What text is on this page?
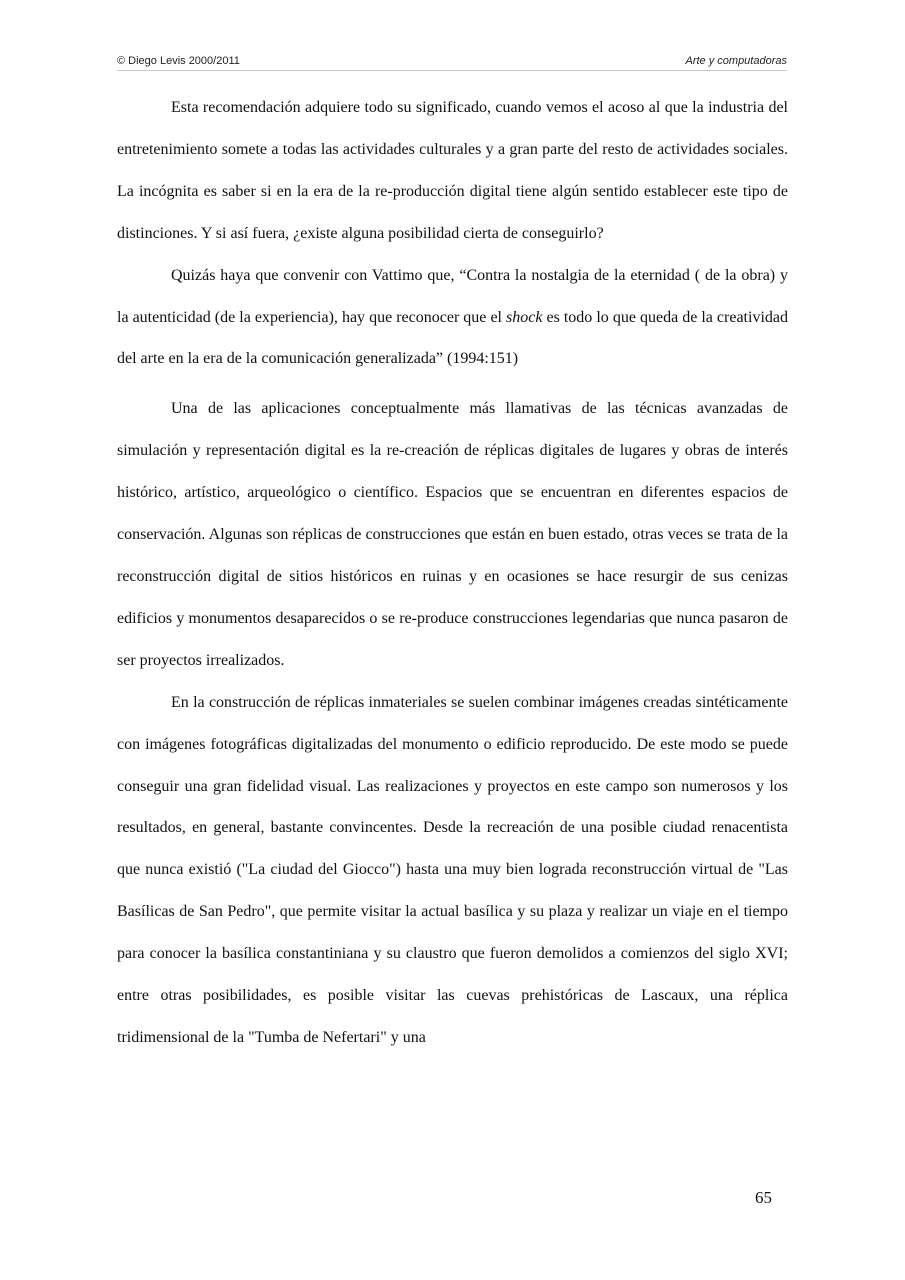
© Diego Levis 2000/2011	Arte y computadoras

Esta recomendación adquiere todo su significado, cuando vemos el acoso al que la industria del entretenimiento somete a todas las actividades culturales y a gran parte del resto de actividades sociales. La incógnita es saber si en la era de la re-producción digital tiene algún sentido establecer este tipo de distinciones. Y si así fuera, ¿existe alguna posibilidad cierta de conseguirlo?

Quizás haya que convenir con Vattimo que, “Contra la nostalgia de la eternidad ( de la obra) y la autenticidad (de la experiencia), hay que reconocer que el shock es todo lo que queda de la creatividad del arte en la era de la comunicación generalizada” (1994:151)

Una de las aplicaciones conceptualmente más llamativas de las técnicas avanzadas de simulación y representación digital es la re-creación de réplicas digitales de lugares y obras de interés histórico, artístico, arqueológico o científico. Espacios que se encuentran en diferentes espacios de conservación. Algunas son réplicas de construcciones que están en buen estado, otras veces se trata de la reconstrucción digital de sitios históricos en ruinas y en ocasiones se hace resurgir de sus cenizas edificios y monumentos desaparecidos o se re-produce construcciones legendarias que nunca pasaron de ser proyectos irrealizados.

En la construcción de réplicas inmateriales se suelen combinar imágenes creadas sintéticamente con imágenes fotográficas digitalizadas del monumento o edificio reproducido. De este modo se puede conseguir una gran fidelidad visual. Las realizaciones y proyectos en este campo son numerosos y los resultados, en general, bastante convincentes. Desde la recreación de una posible ciudad renacentista que nunca existió ("La ciudad del Giocco") hasta una muy bien lograda reconstrucción virtual de "Las Basílicas de San Pedro", que permite visitar la actual basílica y su plaza y realizar un viaje en el tiempo para conocer la basílica constantiniana y su claustro que fueron demolidos a comienzos del siglo XVI; entre otras posibilidades, es posible visitar las cuevas prehistóricas de Lascaux, una réplica tridimensional de la "Tumba de Nefertari" y una

65
